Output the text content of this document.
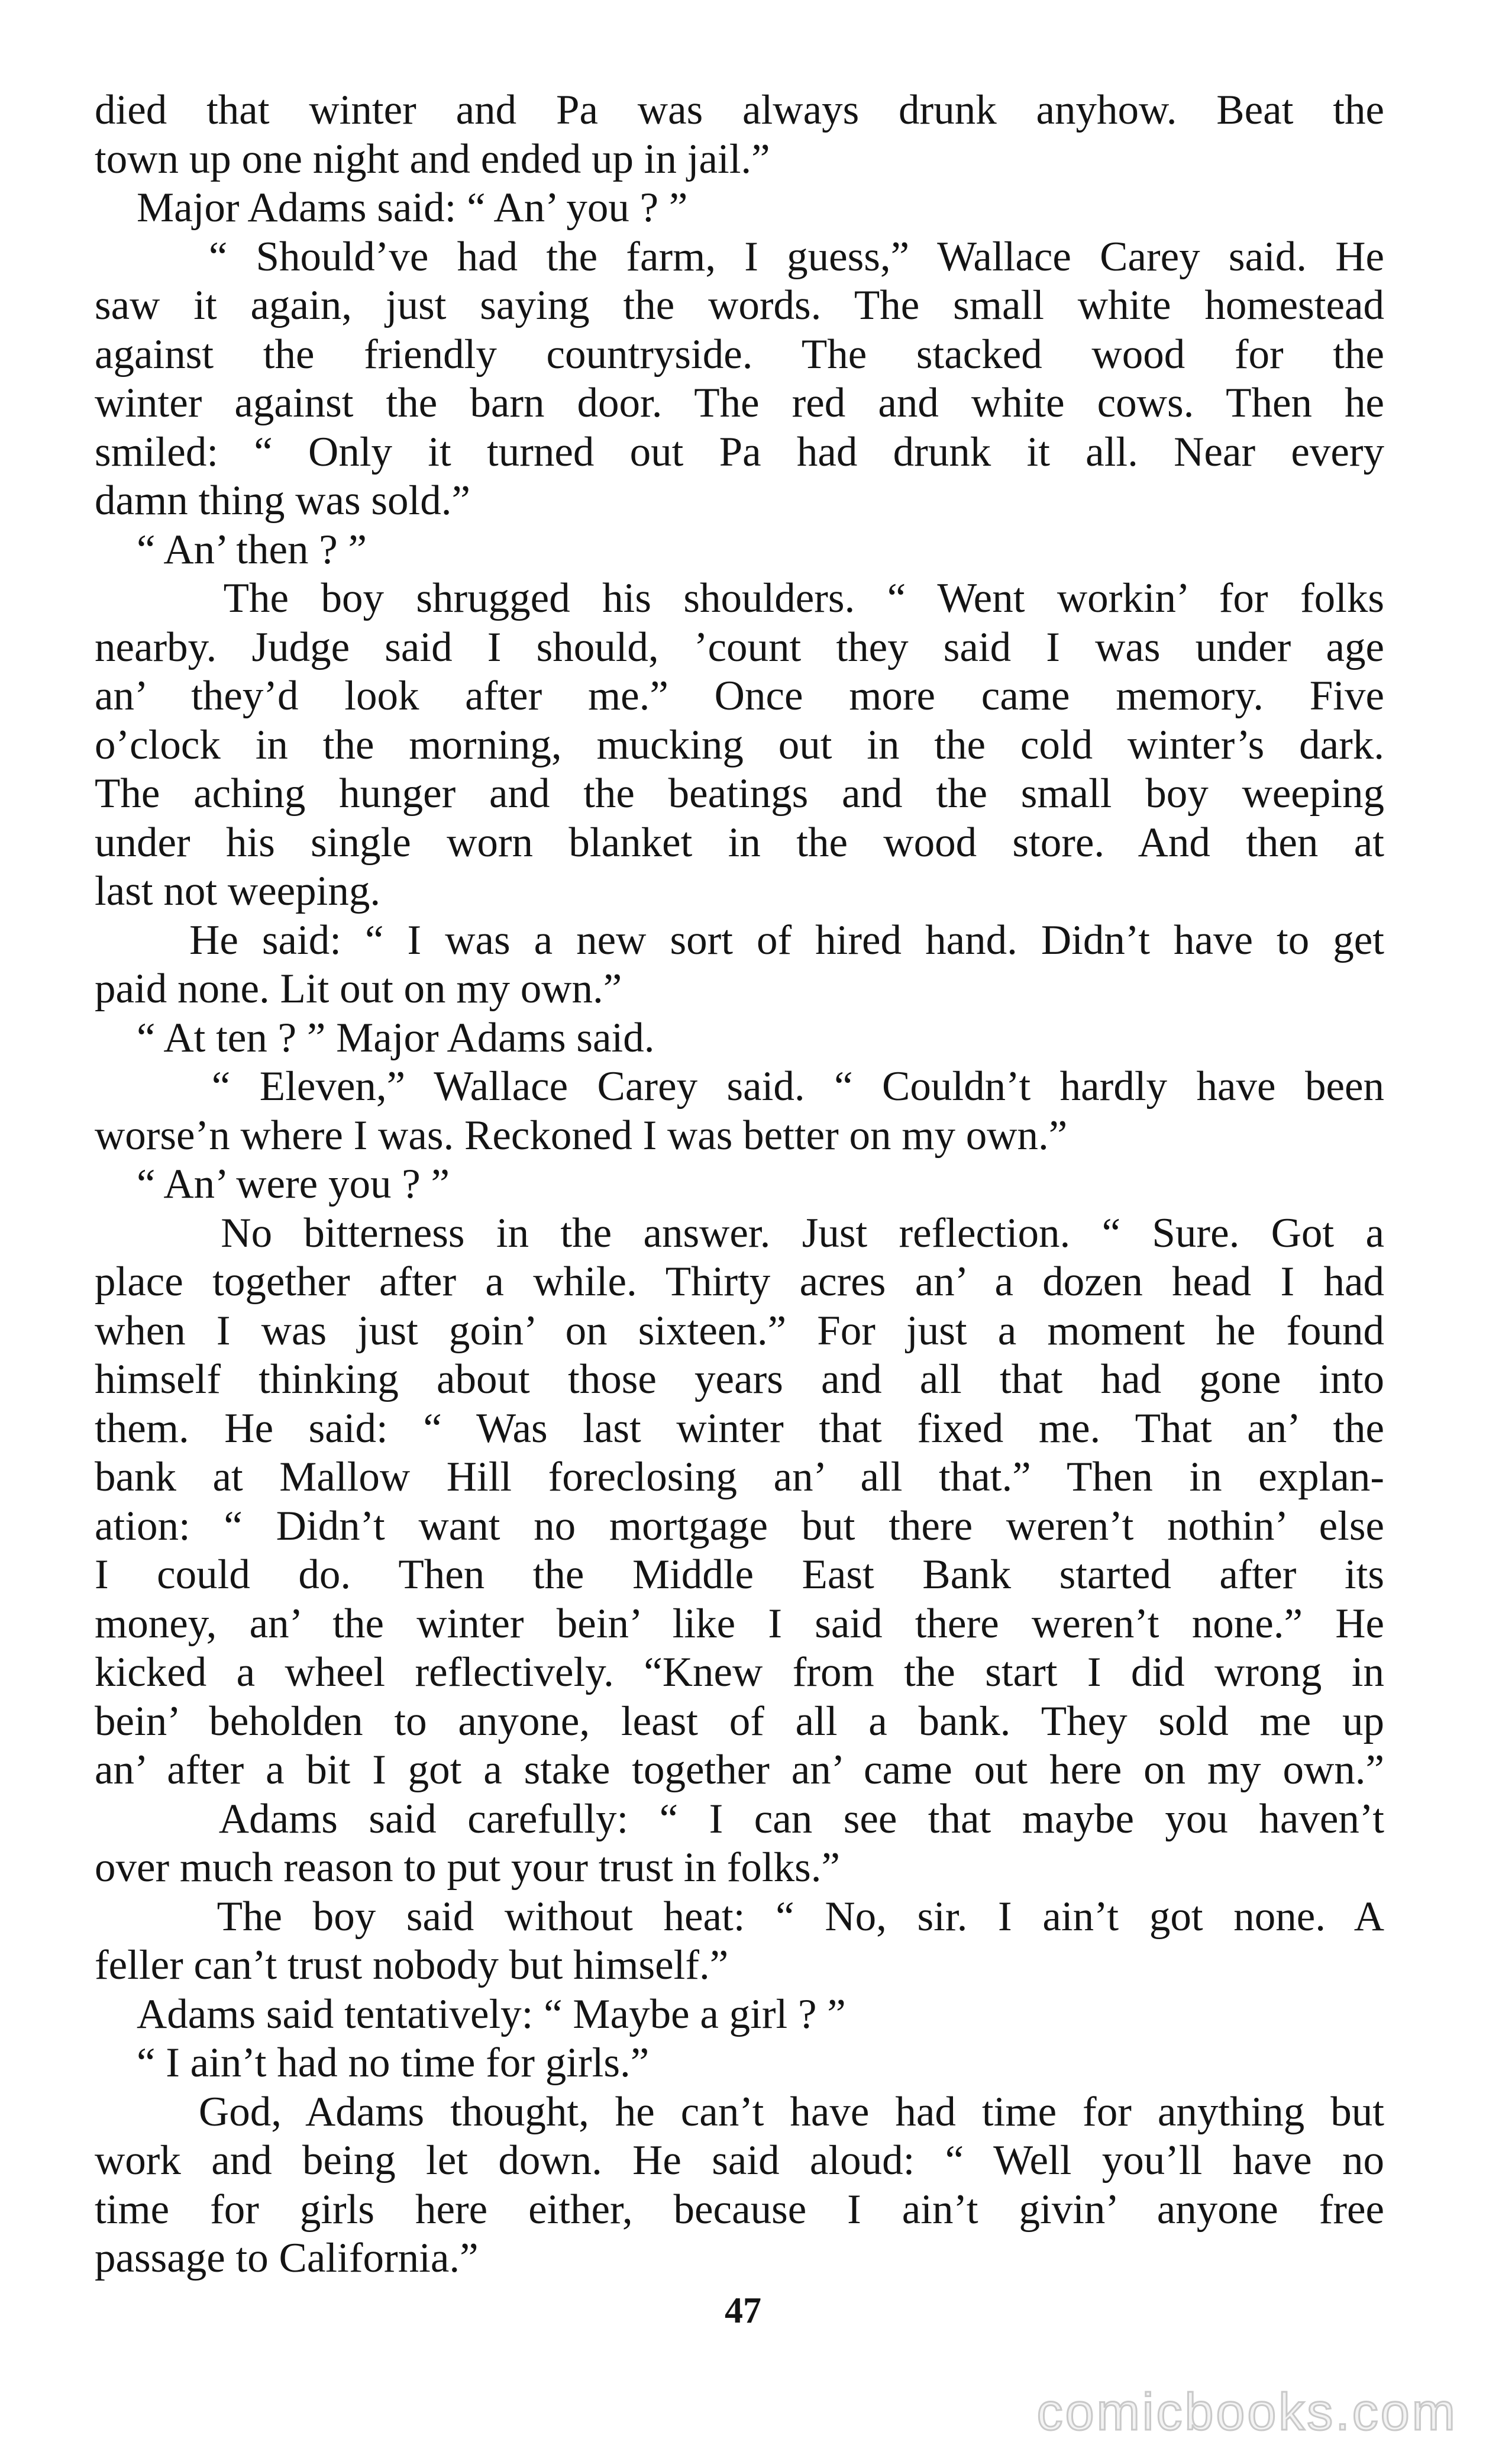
died that winter and Pa was always drunk anyhow. Beat the
town up one night and ended up in jail.”
Major Adams said: “ An’ you ? ”
“ Should’ve had the farm, I guess,” Wallace Carey said. He
saw it again, just saying the words. The small white homestead
against the friendly countryside. The stacked wood for the
winter against the barn door. The red and white cows. Then he
smiled: “ Only it turned out Pa had drunk it all. Near every
damn thing was sold.”
“ An’ then ? ”
The boy shrugged his shoulders. “ Went workin’ for folks
nearby. Judge said I should, ’count they said I was under age
an’ they’d look after me.” Once more came memory. Five
o’clock in the morning, mucking out in the cold winter’s dark.
The aching hunger and the beatings and the small boy weeping
under his single worn blanket in the wood store. And then at
last not weeping.
He said: “ I was a new sort of hired hand. Didn’t have to get
paid none. Lit out on my own.”
“ At ten ? ” Major Adams said.
“ Eleven,” Wallace Carey said. “ Couldn’t hardly have been
worse’n where I was. Reckoned I was better on my own.”
“ An’ were you ? ”
No bitterness in the answer. Just reflection. “ Sure. Got a
place together after a while. Thirty acres an’ a dozen head I had
when I was just goin’ on sixteen.” For just a moment he found
himself thinking about those years and all that had gone into
them. He said: “ Was last winter that fixed me. That an’ the
bank at Mallow Hill foreclosing an’ all that.” Then in explan-
ation: “ Didn’t want no mortgage but there weren’t nothin’ else
I could do. Then the Middle East Bank started after its
money, an’ the winter bein’ like I said there weren’t none.” He
kicked a wheel reflectively. “Knew from the start I did wrong in
bein’ beholden to anyone, least of all a bank. They sold me up
an’ after a bit I got a stake together an’ came out here on my own.”
Adams said carefully: “ I can see that maybe you haven’t
over much reason to put your trust in folks.”
The boy said without heat: “ No, sir. I ain’t got none. A
feller can’t trust nobody but himself.”
Adams said tentatively: “ Maybe a girl ? ”
“ I ain’t had no time for girls.”
God, Adams thought, he can’t have had time for anything but
work and being let down. He said aloud: “ Well you’ll have no
time for girls here either, because I ain’t givin’ anyone free
passage to California.”
47
comicbooks.com
